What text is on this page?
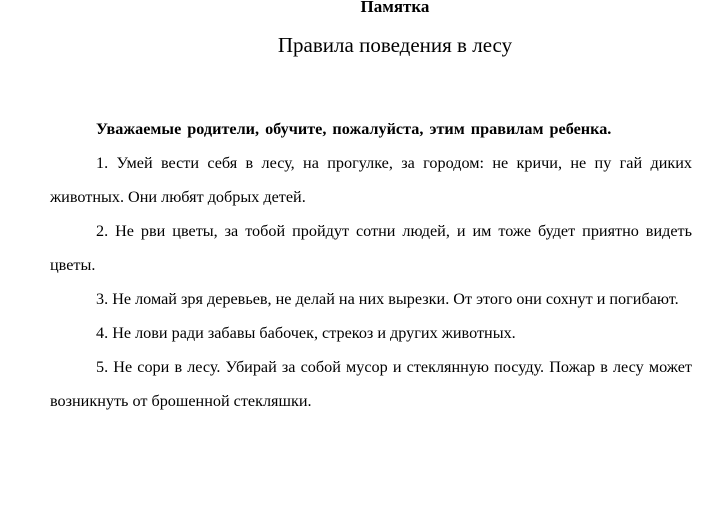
Памятка
Правила поведения в лесу

Уважаемые родители, обучите, пожалуйста, этим правилам ребенка.

1. Умей вести себя в лесу, на прогулке, за городом: не кричи, не пу гай диких животных. Они любят добрых детей.

2. Не рви цветы, за тобой пройдут сотни людей, и им тоже будет приятно видеть цветы.

3. Не ломай зря деревьев, не делай на них вырезки. От этого они сохнут и погибают.

4. Не лови ради забавы бабочек, стрекоз и других животных.

5. Не сори в лесу. Убирай за собой мусор и стеклянную посуду. Пожар в лесу может возникнуть от брошенной стекляшки.
